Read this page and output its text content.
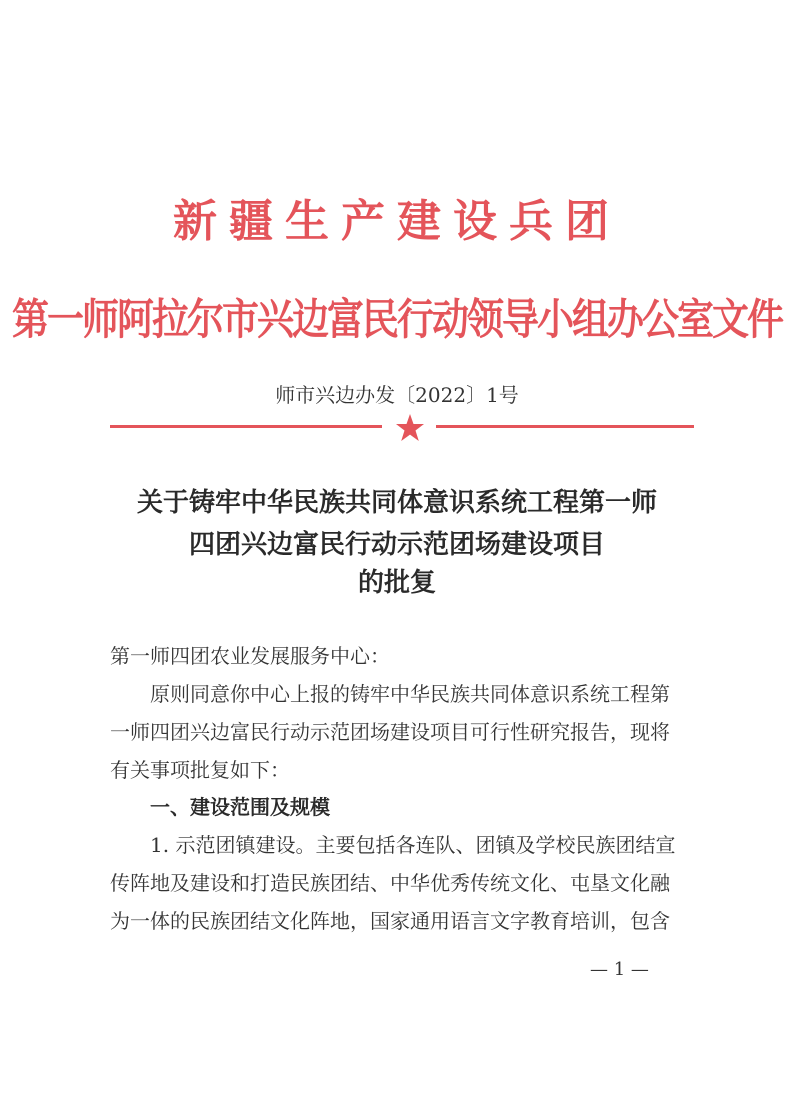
新疆生产建设兵团
第一师阿拉尔市兴边富民行动领导小组办公室文件
师市兴边办发〔2022〕1号
关于铸牢中华民族共同体意识系统工程第一师
四团兴边富民行动示范团场建设项目
的批复
第一师四团农业发展服务中心：
原则同意你中心上报的铸牢中华民族共同体意识系统工程第
一师四团兴边富民行动示范团场建设项目可行性研究报告，现将
有关事项批复如下：
一、建设范围及规模
1. 示范团镇建设。主要包括各连队、团镇及学校民族团结宣
传阵地及建设和打造民族团结、中华优秀传统文化、屯垦文化融
为一体的民族团结文化阵地，国家通用语言文字教育培训，包含
— 1 —
